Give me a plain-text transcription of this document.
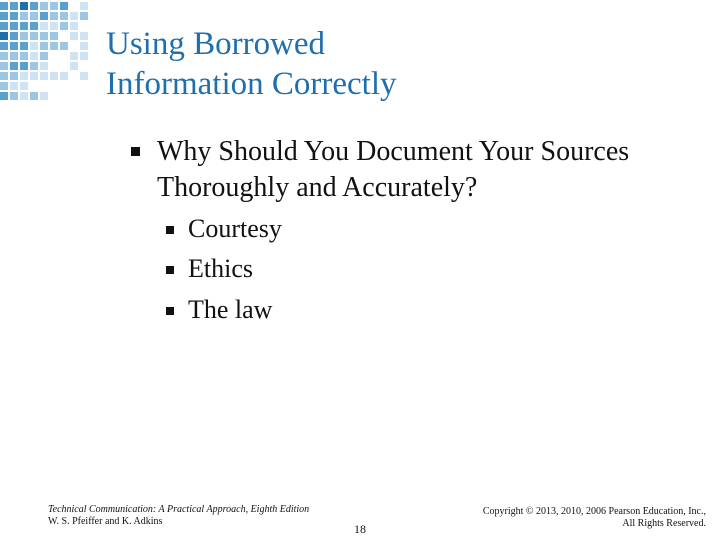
Using Borrowed
Information Correctly
Why Should You Document Your Sources Thoroughly and Accurately?
Courtesy
Ethics
The law
Technical Communication: A Practical Approach, Eighth Edition
W. S. Pfeiffer and K. Adkins
18
Copyright © 2013, 2010, 2006 Pearson Education, Inc.,
All Rights Reserved.
